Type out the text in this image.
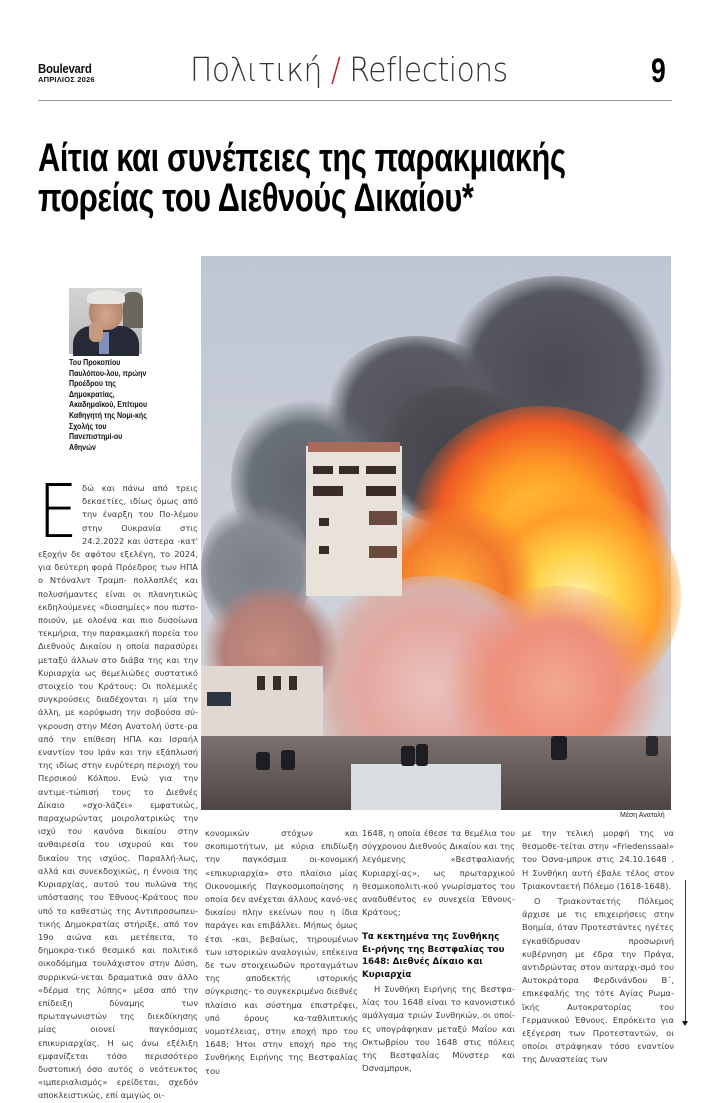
Boulevard
ΑΠΡΙΛΙΟΣ 2026	Πολιτική / Reflections	9
Αίτια και συνέπειες της παρακμιακής
πορείας του Διεθνούς Δικαίου*
Του Προκοπίου Παυλόπου-λου, πρώην Προέδρου της Δημοκρατίας, Ακαδημαϊκού, Επίτιμου Καθηγητή της Νομι-κής Σχολής του Πανεπιστημί-ου Αθηνών
Μέση Ανατολή
Ε δώ και πάνω από τρεις δεκαετίες, ιδίως όμως από την έναρξη του Πο-λέμου στην Ουκρανία στις 24.2.2022 και ύστερα -κατ' εξοχήν δε αφότου εξελέγη, το 2024, για δεύτερη φορά Πρόεδρος των ΗΠΑ ο Ντόναλντ Τραμπ- πολλαπλές και πολυσήμαντες είναι οι πλανητικώς εκδηλούμενες «διοσημίες» που πιστο-ποιούν, με ολοένα και πιο δυσοίωνα τεκμήρια, την παρακμιακή πορεία του Διεθνούς Δικαίου η οποία παρασύρει μεταξύ άλλων στο διάβα της και την Κυριαρχία ως θεμελιώδες συστατικό στοιχείο του Κράτους: Οι πολεμικές συγκρούσεις διαδέχονται η μία την άλλη, με κορύφωση την σοβούσα σύ-γκρουση στην Μέση Ανατολή ύστε-ρα από την επίθεση ΗΠΑ και Ισραήλ εναντίον του Ιράν και την εξάπλωσή της ιδίως στην ευρύτερη περιοχή του Περσικού Κόλπου. Ενώ για την αντιμε-τώπισή τους το Διεθνές Δίκαιο «σχο-λάζει» εμφατικώς, παραχωρώντας μοιρολατρικώς την ισχύ του κανόνα δικαίου στην αυθαιρεσία του ισχυρού και του δικαίου της ισχύος. Παραλλή-λως, αλλά και συνεκδοχικώς, η έννοια της Κυριαρχίας, αυτού του πυλώνα της υπόστασης του Έθνους-Κράτους που υπό το καθεστώς της Αντιπροσωπευ-τικής Δημοκρατίας στήριξε, από τον 19ο αιώνα και μετέπειτα, το δημοκρα-τικό θεσμικό και πολιτικό οικοδόμημα τουλάχιστον στην Δύση, συρρικνώ-νεται δραματικά σαν άλλο «δέρμα της λύπης» μέσα από την επίδειξη δύναμης των πρωταγωνιστών της διεκδίκησης μίας οιονεί παγκόσμιας επικυριαρχίας. Η ως άνω εξέλιξη εμφανίζεται τόσο περισσότερο δυστοπική όσο αυτός ο νεότευκτος «ιμπεριαλισμός» ερείδεται, σχεδόν αποκλειστικώς, επί αμιγώς οι-

κονομικών στόχων και σκοπιμοτήτων, με κύρια επιδίωξη την παγκόσμια οι-κονομική «επικυριαρχία» στο πλαίσιο μίας Οικονομικής Παγκοσμιοποίησης η οποία δεν ανέχεται άλλους κανό-νες δικαίου πλην εκείνων που η ίδια παράγει και επιβάλλει. Μήπως όμως έτσι –και, βεβαίως, τηρουμένων των ιστορικών αναλογιών, επέκεινα δε των στοιχειωδών προταγμάτων της αποδεκτής ιστορικής σύγκρισης- το συγκεκριμένο διεθνές πλαίσιο και σύστημα επιστρέφει, υπό όρους κα-ταθλιπτικής νομοτέλειας, στην εποχή προ του 1648; Ήτοι στην εποχή προ της Συνθήκης Ειρήνης της Βεστφαλίας του

1648, η οποία έθεσε τα θεμέλια του σύγχρονου Διεθνούς Δικαίου και της λεγόμενης «Βεστφαλιανής Κυριαρχί-ας», ως πρωταρχικού θεσμικοπολιτι-κού γνωρίσματος του αναδυθέντος εν συνεχεία Έθνους-Κράτους;

Τα κεκτημένα της Συνθήκης Ει-ρήνης της Βεστφαλίας του 1648: Διεθνές Δίκαιο και Κυριαρχία

Η Συνθήκη Ειρήνης της Βεστφα-λίας του 1648 είναι το κανονιστικό αμάλγαμα τριών Συνθηκών, οι οποί-ες υπογράφηκαν μεταξύ Μαΐου και Οκτωβρίου του 1648 στις πόλεις της Βεστφαλίας Μύνστερ και Όσναμπρυκ,

με την τελική μορφή της να θεσμοθε-τείται στην «Friedenssaal» του Όσνα-μπρυκ στις 24.10.1648 . Η Συνθήκη αυτή έβαλε τέλος στον Τριακονταετή Πόλεμο (1618-1648).

Ο Τριακονταετής Πόλεμος άρχισε με τις επιχειρήσεις στην Βοημία, όταν Προτεστάντες ηγέτες εγκαθίδρυσαν προσωρινή κυβέρνηση με έδρα την Πράγα, αντιδρώντας στον αυταρχι-σμό του Αυτοκράτορα Φερδινάνδου Β΄, επικεφαλής της τότε Αγίας Ρωμα-ϊκής Αυτοκρατορίας του Γερμανικού Έθνους. Επρόκειτο για εξέγερση των Προτεσταντών, οι οποίοι στράφηκαν τόσο εναντίον της Δυναστείας των
